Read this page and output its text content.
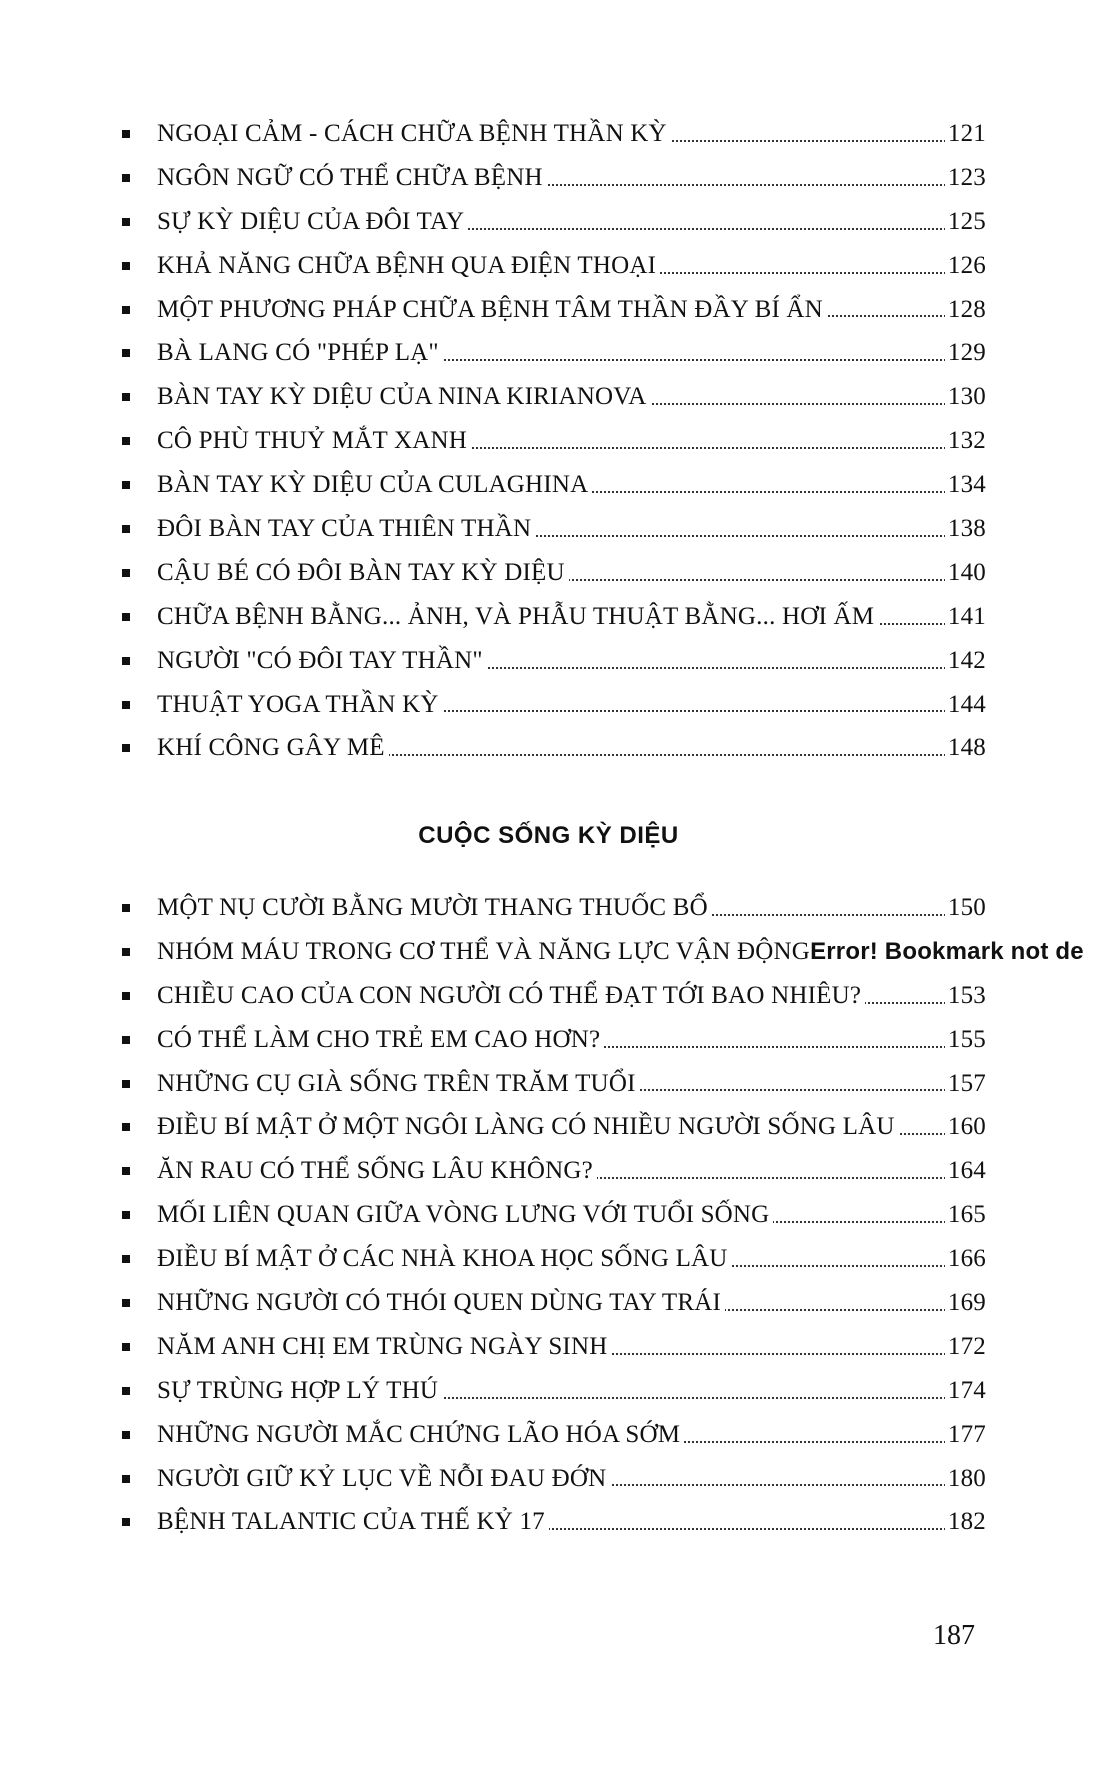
NGOẠI CẢM - CÁCH CHỮA BỆNH THẦN KỲ	121
NGÔN NGỮ CÓ THỂ CHỮA BỆNH	123
SỰ KỲ DIỆU CỦA ĐÔI TAY	125
KHẢ NĂNG CHỮA BỆNH QUA ĐIỆN THOẠI	126
MỘT PHƯƠNG PHÁP CHỮA BỆNH TÂM THẦN ĐẦY BÍ ẨN	128
BÀ LANG CÓ "PHÉP LẠ"	129
BÀN TAY KỲ DIỆU CỦA NINA KIRIANOVA	130
CÔ PHÙ THUỶ MẮT XANH	132
BÀN TAY KỲ DIỆU CỦA CULAGHINA	134
ĐÔI BÀN TAY CỦA THIÊN THẦN	138
CẬU BÉ CÓ ĐÔI BÀN TAY KỲ DIỆU	140
CHỮA BỆNH BẰNG... ẢNH, VÀ PHẪU THUẬT BẰNG... HƠI ẤM	141
NGƯỜI "CÓ ĐÔI TAY THẦN"	142
THUẬT YOGA THẦN KỲ	144
KHÍ CÔNG GÂY MÊ	148
CUỘC SỐNG KỲ DIỆU
MỘT NỤ CƯỜI BẰNG MƯỜI THANG THUỐC BỔ	150
NHÓM MÁU TRONG CƠ THỂ VÀ NĂNG LỰC VẬN ĐỘNGError! Bookmark not de
CHIỀU CAO CỦA CON NGƯỜI CÓ THỂ ĐẠT TỚI BAO NHIÊU?	153
CÓ THỂ LÀM CHO TRẺ EM CAO HƠN?	155
NHỮNG CỤ GIÀ SỐNG TRÊN TRĂM TUỔI	157
ĐIỀU BÍ MẬT Ở MỘT NGÔI LÀNG CÓ NHIỀU NGƯỜI SỐNG LÂU 160
ĂN RAU CÓ THỂ SỐNG LÂU KHÔNG?	164
MỐI LIÊN QUAN GIỮA VÒNG LƯNG VỚI TUỔI SỐNG	165
ĐIỀU BÍ MẬT Ở CÁC NHÀ KHOA HỌC SỐNG LÂU	166
NHỮNG NGƯỜI CÓ THÓI QUEN DÙNG TAY TRÁI	169
NĂM ANH CHỊ EM TRÙNG NGÀY SINH	172
SỰ TRÙNG HỢP LÝ THÚ	174
NHỮNG NGƯỜI MẮC CHỨNG LÃO HÓA SỚM	177
NGƯỜI GIỮ KỶ LỤC VỀ NỖI ĐAU ĐỚN	180
BỆNH TALANTIC CỦA THẾ KỶ 17	182
187
